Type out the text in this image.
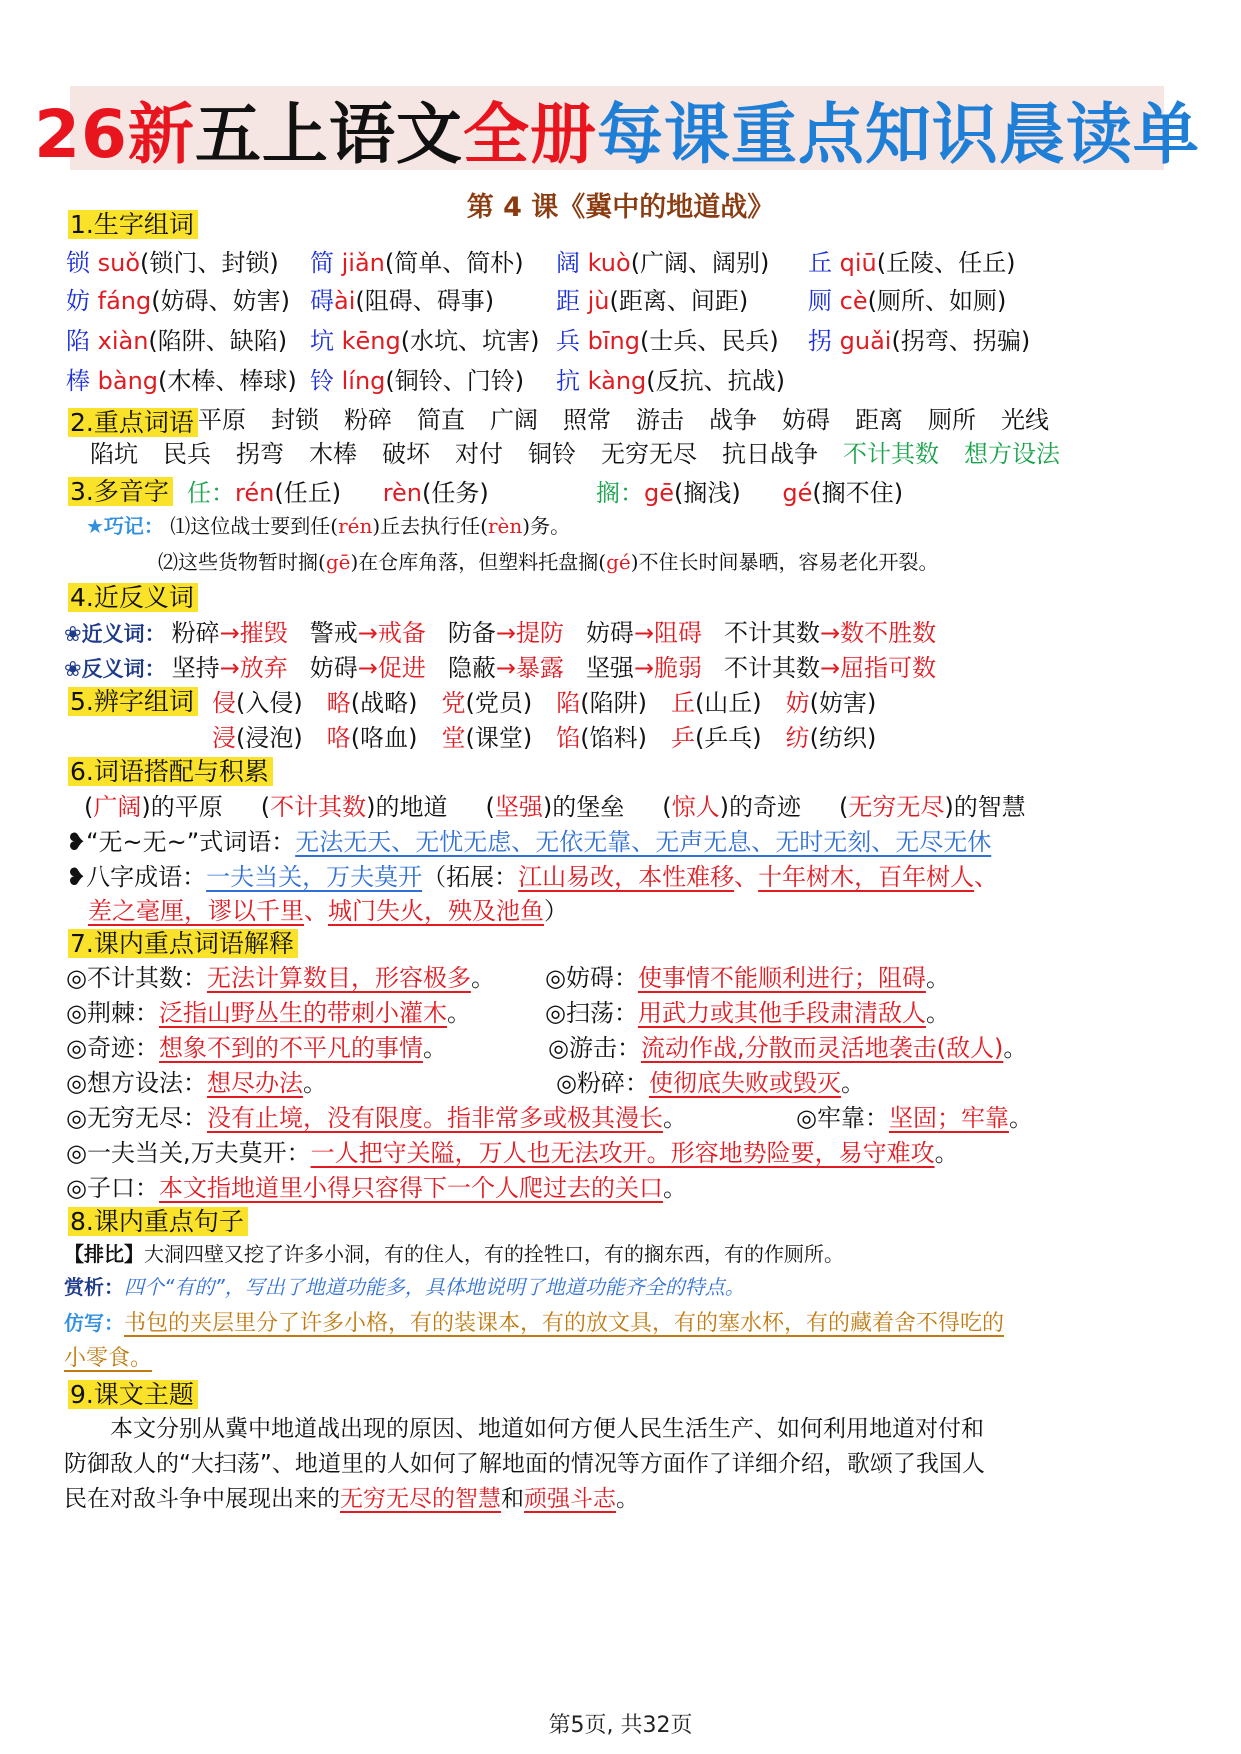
26新 五上语文 全册 每课重点知识晨读单
第 4 课《冀中的地道战》
1.生字组词
锁 suǒ(锁门、封锁) 简 jiǎn(简单、简朴) 阔 kuò(广阔、阔别) 丘 qiū(丘陵、任丘)
妨 fáng(妨碍、妨害) 碍ài(阻碍、碍事)	距 jù(距离、间距) 厕 cè(厕所、如厕)
陷 xiàn(陷阱、缺陷) 坑 kēng(水坑、坑害) 兵 bīng(士兵、民兵) 拐 guǎi(拐弯、拐骗)
棒 bàng(木棒、棒球) 铃 líng(铜铃、门铃) 抗 kàng(反抗、抗战)
2.重点词语 平原 封锁 粉碎 简直 广阔 照常 游击 战争 妨碍 距离 厕所 光线
陷坑 民兵 拐弯 木棒 破坏 对付 铜铃 无穷无尽 抗日战争 不计其数 想方设法
3.多音字 任：rén(任丘) rèn(任务)	搁：gē(搁浅) gé(搁不住)
★巧记： ⑴这位战士要到任(rén)丘去执行任(rèn)务。
⑵这些货物暂时搁(gē)在仓库角落，但塑料托盘搁(gé)不住长时间暴晒，容易老化开裂。
4.近反义词
❀近义词： 粉碎→摧毁 警戒→戒备 防备→提防 妨碍→阻碍 不计其数→数不胜数
❀反义词： 坚持→放弃 妨碍→促进 隐蔽→暴露 坚强→脆弱 不计其数→屈指可数
5.辨字组词 侵(入侵) 略(战略) 党(党员) 陷(陷阱) 丘(山丘) 妨(妨害)
浸(浸泡) 咯(咯血) 堂(课堂) 馅(馅料) 乒(乒乓) 纺(纺织)
6.词语搭配与积累
(广阔)的平原 (不计其数)的地道 (坚强)的堡垒 (惊人)的奇迹 (无穷无尽)的智慧
❥“无~无~”式词语：无法无天、无忧无虑、无依无靠、无声无息、无时无刻、无尽无休
❥八字成语：一夫当关，万夫莫开（拓展：江山易改，本性难移、十年树木，百年树人、
差之毫厘，谬以千里、城门失火，殃及池鱼）
7.课内重点词语解释
◎不计其数：无法计算数目，形容极多。 ◎妨碍：使事情不能顺利进行；阻碍。
◎荆棘：泛指山野丛生的带刺小灌木。	◎扫荡：用武力或其他手段肃清敌人。
◎奇迹：想象不到的不平凡的事情。	◎游击：流动作战,分散而灵活地袭击(敌人)。
◎想方设法：想尽办法。	◎粉碎：使彻底失败或毁灭。
◎无穷无尽：没有止境，没有限度。指非常多或极其漫长。	◎牢靠：坚固；牢靠。
◎一夫当关,万夫莫开：一人把守关隘，万人也无法攻开。形容地势险要，易守难攻。
◎子口：本文指地道里小得只容得下一个人爬过去的关口。
8.课内重点句子
【排比】大洞四壁又挖了许多小洞，有的住人，有的拴牲口，有的搁东西，有的作厕所。
赏析：四个“有的”，写出了地道功能多，具体地说明了地道功能齐全的特点。
仿写：书包的夹层里分了许多小格，有的装课本，有的放文具，有的塞水杯，有的藏着舍不得吃的
小零食。
9.课文主题
本文分别从冀中地道战出现的原因、地道如何方便人民生活生产、如何利用地道对付和
防御敌人的“大扫荡”、地道里的人如何了解地面的情况等方面作了详细介绍，歌颂了我国人
民在对敌斗争中展现出来的无穷无尽的智慧和顽强斗志。
第5页, 共32页
